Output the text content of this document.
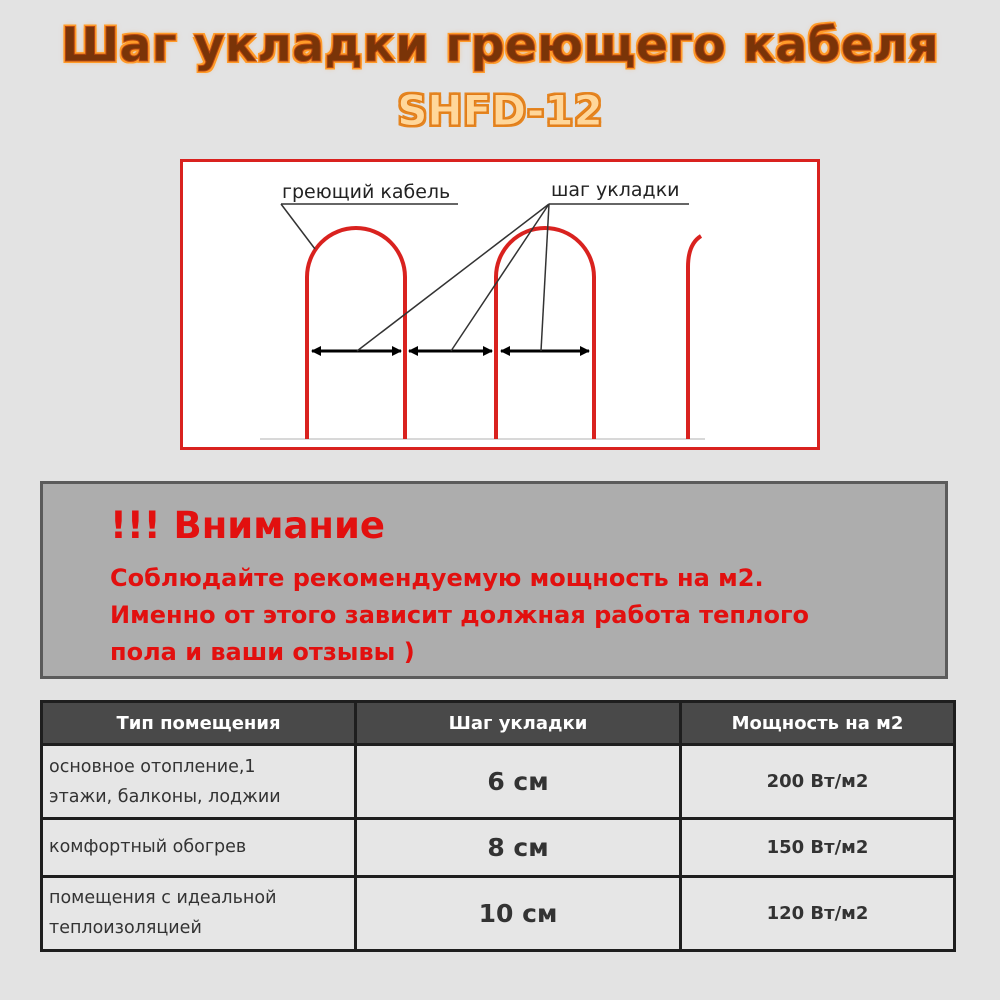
Шаг укладки греющего кабеля
SHFD-12
греющий кабель	шаг укладки
!!! Внимание
Соблюдайте рекомендуемую мощность на м2.
Именно от этого зависит должная работа теплого
пола и ваши отзывы )
Тип помещения	Шаг укладки	Мощность на м2

основное отопление,1
этажи, балконы, лоджии	6 см	200 Вт/м2

комфортный обогрев	8 см	150 Вт/м2

помещения с идеальной
теплоизоляцией	10 см	120 Вт/м2
